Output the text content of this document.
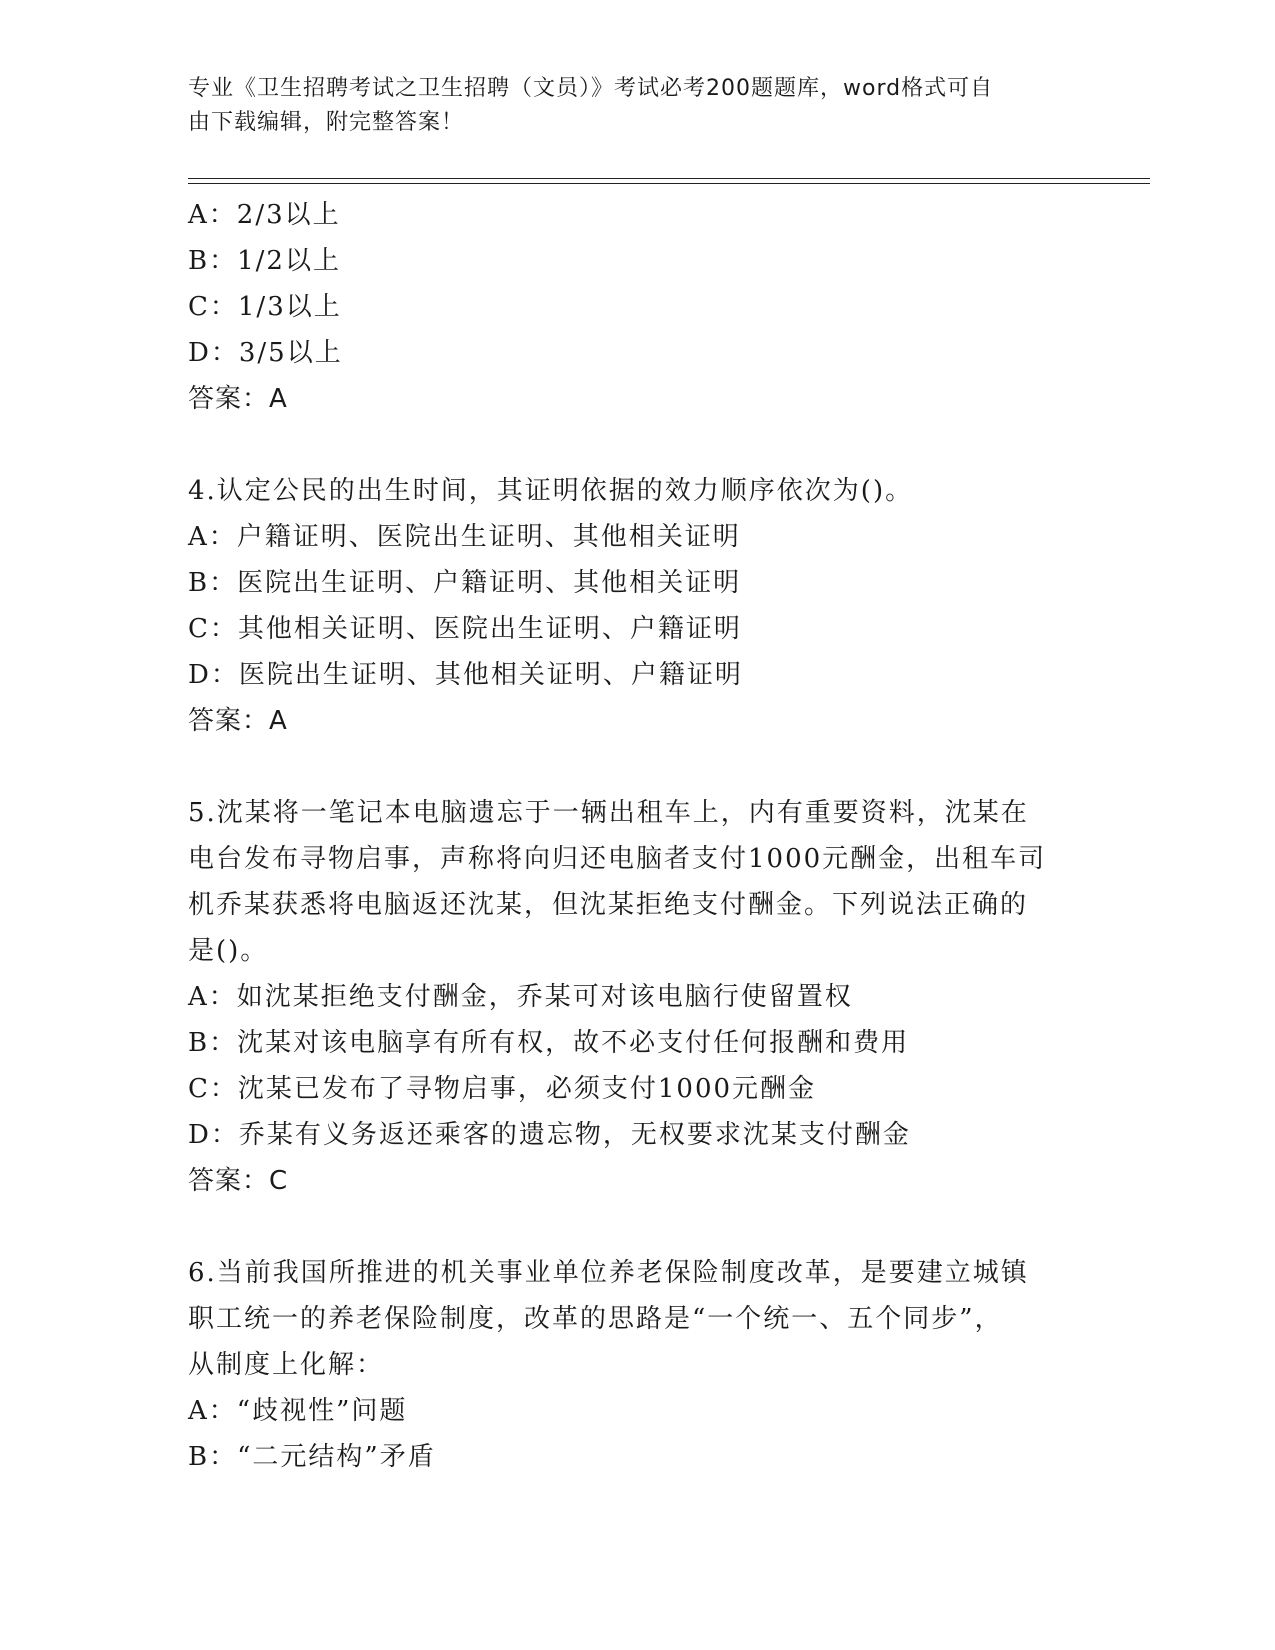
专业《卫生招聘考试之卫生招聘（文员）》考试必考200题题库，word格式可自
由下载编辑，附完整答案！
A：2/3以上
B：1/2以上
C：1/3以上
D：3/5以上
答案：A
4.认定公民的出生时间，其证明依据的效力顺序依次为()。
A：户籍证明、医院出生证明、其他相关证明
B：医院出生证明、户籍证明、其他相关证明
C：其他相关证明、医院出生证明、户籍证明
D：医院出生证明、其他相关证明、户籍证明
答案：A
5.沈某将一笔记本电脑遗忘于一辆出租车上，内有重要资料，沈某在
电台发布寻物启事，声称将向归还电脑者支付1000元酬金，出租车司
机乔某获悉将电脑返还沈某，但沈某拒绝支付酬金。下列说法正确的
是()。
A：如沈某拒绝支付酬金，乔某可对该电脑行使留置权
B：沈某对该电脑享有所有权，故不必支付任何报酬和费用
C：沈某已发布了寻物启事，必须支付1000元酬金
D：乔某有义务返还乘客的遗忘物，无权要求沈某支付酬金
答案：C
6.当前我国所推进的机关事业单位养老保险制度改革，是要建立城镇
职工统一的养老保险制度，改革的思路是“一个统一、五个同步”，
从制度上化解：
A：“歧视性”问题
B：“二元结构”矛盾
